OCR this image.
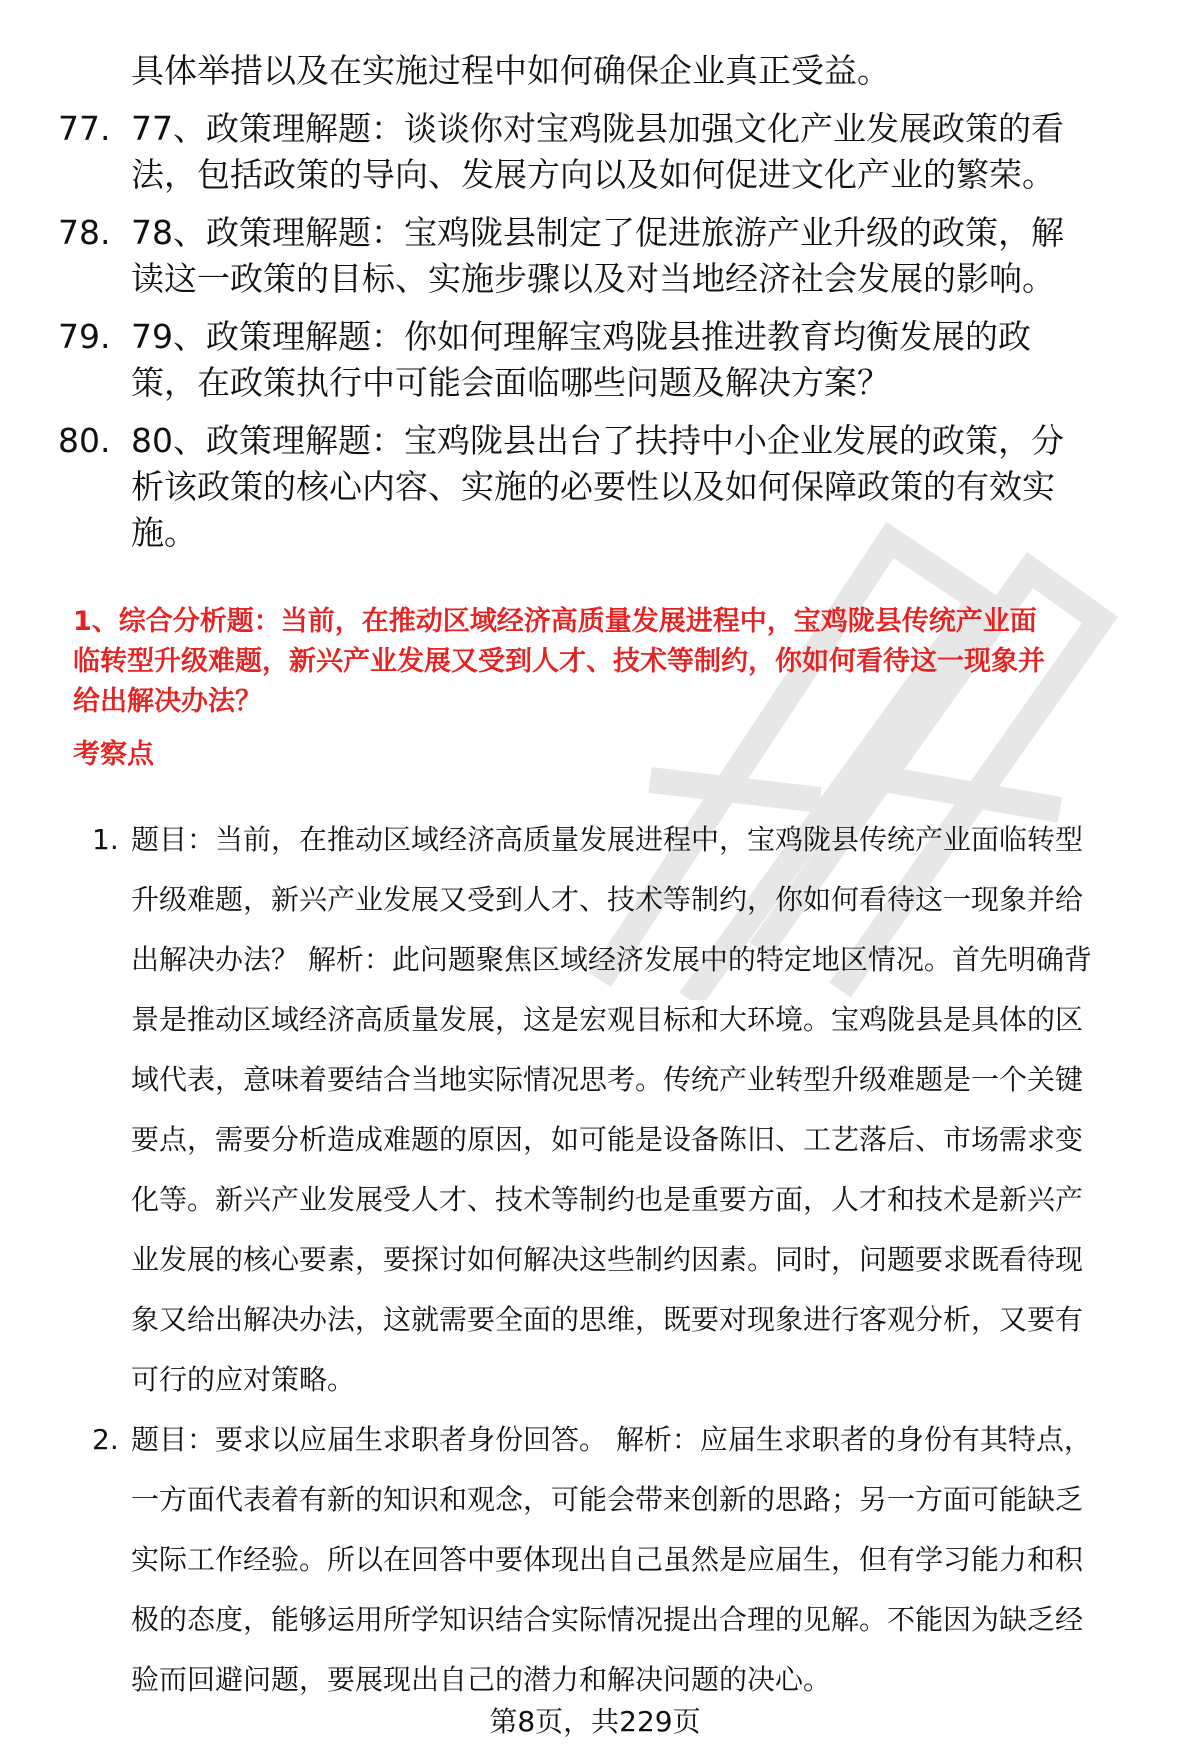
具体举措以及在实施过程中如何确保企业真正受益。
77. 77、政策理解题：谈谈你对宝鸡陇县加强文化产业发展政策的看
法，包括政策的导向、发展方向以及如何促进文化产业的繁荣。
78. 78、政策理解题：宝鸡陇县制定了促进旅游产业升级的政策，解
读这一政策的目标、实施步骤以及对当地经济社会发展的影响。
79. 79、政策理解题：你如何理解宝鸡陇县推进教育均衡发展的政
策，在政策执行中可能会面临哪些问题及解决方案？
80. 80、政策理解题：宝鸡陇县出台了扶持中小企业发展的政策，分
析该政策的核心内容、实施的必要性以及如何保障政策的有效实
施。
1、综合分析题：当前，在推动区域经济高质量发展进程中，宝鸡陇县传统产业面
临转型升级难题，新兴产业发展又受到人才、技术等制约，你如何看待这一现象并
给出解决办法？
考察点
1. 题目：当前，在推动区域经济高质量发展进程中，宝鸡陇县传统产业面临转型
升级难题，新兴产业发展又受到人才、技术等制约，你如何看待这一现象并给
出解决办法？ 解析：此问题聚焦区域经济发展中的特定地区情况。首先明确背
景是推动区域经济高质量发展，这是宏观目标和大环境。宝鸡陇县是具体的区
域代表，意味着要结合当地实际情况思考。传统产业转型升级难题是一个关键
要点，需要分析造成难题的原因，如可能是设备陈旧、工艺落后、市场需求变
化等。新兴产业发展受人才、技术等制约也是重要方面，人才和技术是新兴产
业发展的核心要素，要探讨如何解决这些制约因素。同时，问题要求既看待现
象又给出解决办法，这就需要全面的思维，既要对现象进行客观分析，又要有
可行的应对策略。
2. 题目：要求以应届生求职者身份回答。 解析：应届生求职者的身份有其特点，
一方面代表着有新的知识和观念，可能会带来创新的思路；另一方面可能缺乏
实际工作经验。所以在回答中要体现出自己虽然是应届生，但有学习能力和积
极的态度，能够运用所学知识结合实际情况提出合理的见解。不能因为缺乏经
验而回避问题，要展现出自己的潜力和解决问题的决心。
第8页，共229页
